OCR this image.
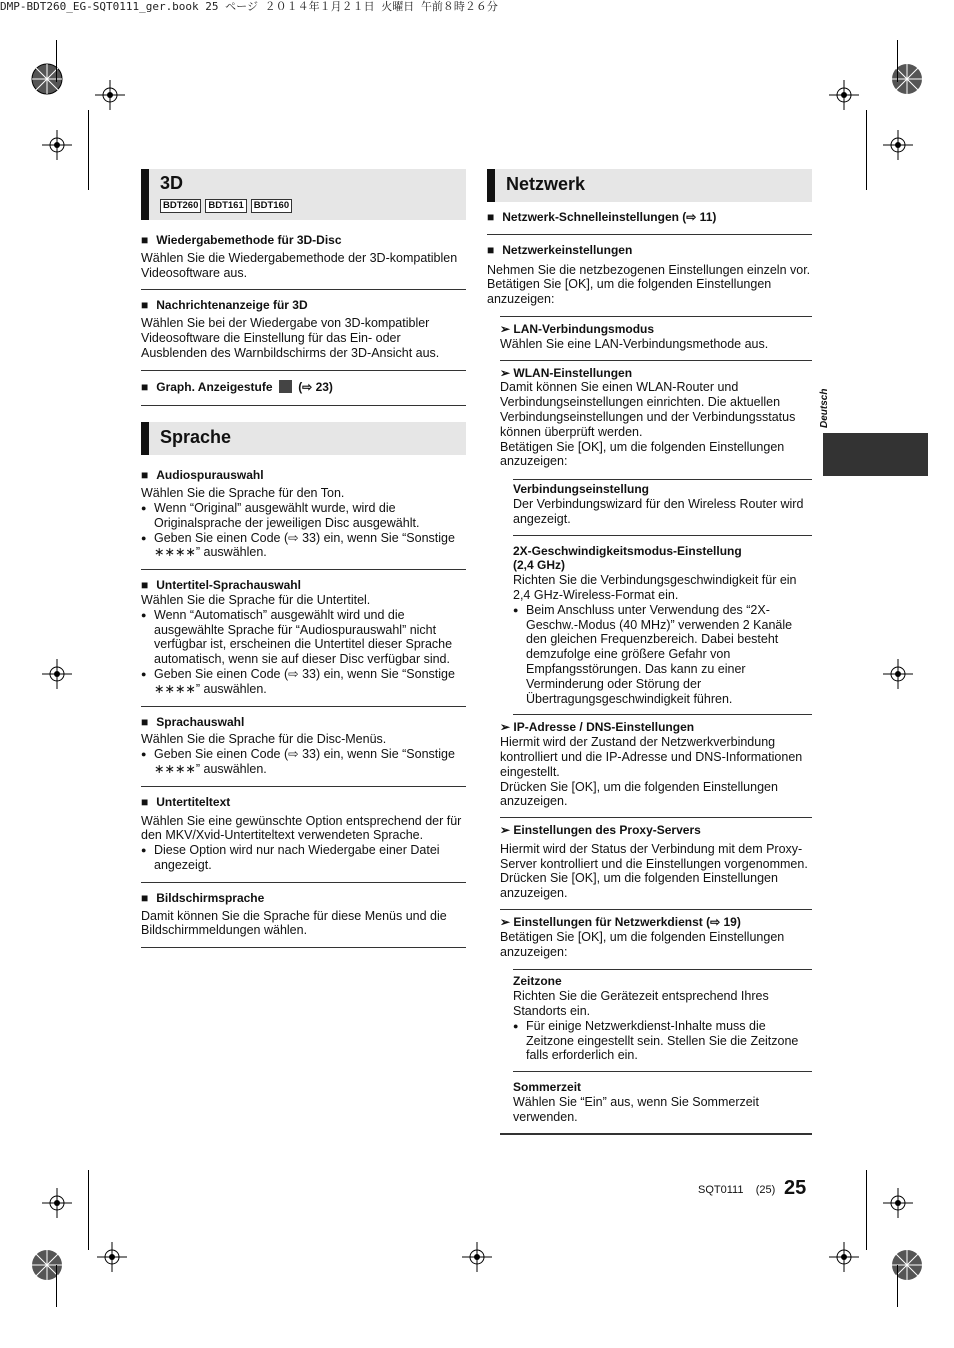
DMP-BDT260_EG-SQT0111_ger.book 25 ページ ２０１４年１月２１日 火曜日 午前８時２６分
3D
BDT260	BDT161	BDT160
■ Wiedergabemethode für 3D-Disc

Wählen Sie die Wiedergabemethode der 3D-kompatiblen Videosoftware aus.

■ Nachrichtenanzeige für 3D

Wählen Sie bei der Wiedergabe von 3D-kompatibler Videosoftware die Einstellung für das Ein- oder Ausblenden des Warnbildschirms der 3D-Ansicht aus.

■ Graph. Anzeigestufe (⇨ 23)
Sprache
■ Audiospurauswahl

Wählen Sie die Sprache für den Ton.

● Wenn “Original” ausgewählt wurde, wird die Originalsprache der jeweiligen Disc ausgewählt.
● Geben Sie einen Code (⇨ 33) ein, wenn Sie “Sonstige ∗∗∗∗” auswählen.
■ Untertitel-Sprachauswahl

Wählen Sie die Sprache für die Untertitel.

● Wenn “Automatisch” ausgewählt wird und die ausgewählte Sprache für “Audiospurauswahl” nicht verfügbar ist, erscheinen die Untertitel dieser Sprache automatisch, wenn sie auf dieser Disc verfügbar sind.
● Geben Sie einen Code (⇨ 33) ein, wenn Sie “Sonstige ∗∗∗∗” auswählen.
■ Sprachauswahl

Wählen Sie die Sprache für die Disc-Menüs.

● Geben Sie einen Code (⇨ 33) ein, wenn Sie “Sonstige ∗∗∗∗” auswählen.
■ Untertiteltext

Wählen Sie eine gewünschte Option entsprechend der für den MKV/Xvid-Untertiteltext verwendeten Sprache.

● Diese Option wird nur nach Wiedergabe einer Datei angezeigt.
■ Bildschirmsprache

Damit können Sie die Sprache für diese Menüs und die Bildschirmmeldungen wählen.

Netzwerk
■ Netzwerk-Schnelleinstellungen (⇨ 11)
■ Netzwerkeinstellungen

Nehmen Sie die netzbezogenen Einstellungen einzeln vor.

Betätigen Sie [OK], um die folgenden Einstellungen anzuzeigen:

➢ LAN-Verbindungsmodus

Wählen Sie eine LAN-Verbindungsmethode aus.

➢ WLAN-Einstellungen

Damit können Sie einen WLAN-Router und Verbindungseinstellungen einrichten. Die aktuellen Verbindungseinstellungen und der Verbindungsstatus können überprüft werden.

Betätigen Sie [OK], um die folgenden Einstellungen anzuzeigen:

Verbindungseinstellung

Der Verbindungswizard für den Wireless Router wird angezeigt.

2X-Geschwindigkeitsmodus-Einstellung
(2,4 GHz)

Richten Sie die Verbindungsgeschwindigkeit für ein 2,4 GHz-Wireless-Format ein.

● Beim Anschluss unter Verwendung des “2X-Geschw.-Modus (40 MHz)” verwenden 2 Kanäle den gleichen Frequenzbereich. Dabei besteht demzufolge eine größere Gefahr von Empfangsstörungen. Das kann zu einer Verminderung oder Störung der Übertragungsgeschwindigkeit führen.
➢ IP-Adresse / DNS-Einstellungen

Hiermit wird der Zustand der Netzwerkverbindung kontrolliert und die IP-Adresse und DNS-Informationen eingestellt.

Drücken Sie [OK], um die folgenden Einstellungen anzuzeigen.

➢ Einstellungen des Proxy-Servers

Hiermit wird der Status der Verbindung mit dem Proxy-Server kontrolliert und die Einstellungen vorgenommen.

Drücken Sie [OK], um die folgenden Einstellungen anzuzeigen.

➢ Einstellungen für Netzwerkdienst (⇨ 19)

Betätigen Sie [OK], um die folgenden Einstellungen anzuzeigen:

Zeitzone

Richten Sie die Gerätezeit entsprechend Ihres Standorts ein.

● Für einige Netzwerkdienst-Inhalte muss die Zeitzone eingestellt sein. Stellen Sie die Zeitzone falls erforderlich ein.
Sommerzeit

Wählen Sie “Ein” aus, wenn Sie Sommerzeit verwenden.

Deutsch
SQT0111 (25) 25
